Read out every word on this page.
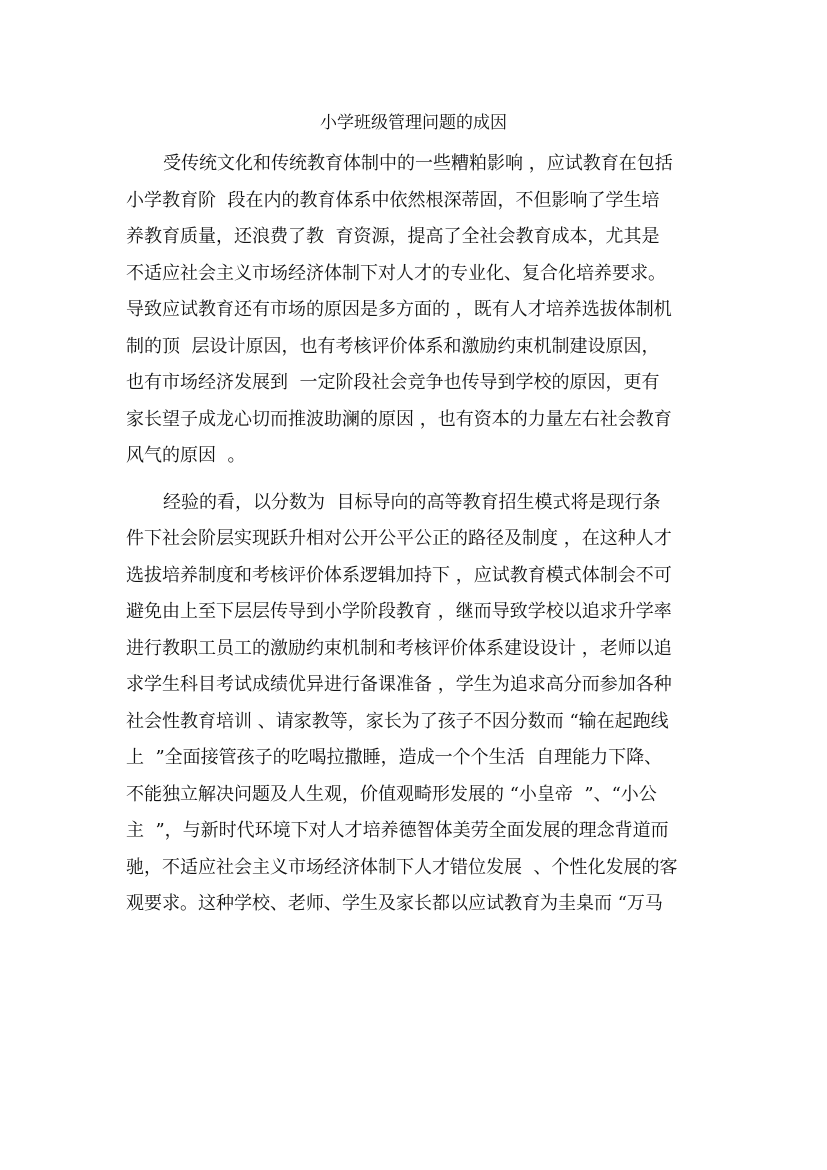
小学班级管理问题的成因
受传统文化和传统教育体制中的一些糟粕影响 ，应试教育在包括
小学教育阶  段在内的教育体系中依然根深蒂固，不但影响了学生培
养教育质量，还浪费了教  育资源，提高了全社会教育成本，尤其是
不适应社会主义市场经济体制下对人才的专业化、复合化培养要求。
导致应试教育还有市场的原因是多方面的 ，既有人才培养选拔体制机
制的顶  层设计原因，也有考核评价体系和激励约束机制建设原因，
也有市场经济发展到  一定阶段社会竞争也传导到学校的原因，更有
家长望子成龙心切而推波助澜的原因 ，也有资本的力量左右社会教育
风气的原因  。
经验的看，以分数为  目标导向的高等教育招生模式将是现行条
件下社会阶层实现跃升相对公开公平公正的路径及制度 ，在这种人才
选拔培养制度和考核评价体系逻辑加持下 ，应试教育模式体制会不可
避免由上至下层层传导到小学阶段教育 ，继而导致学校以追求升学率
进行教职工员工的激励约束机制和考核评价体系建设设计 ，老师以追
求学生科目考试成绩优异进行备课准备 ，学生为追求高分而参加各种
社会性教育培训 、请家教等，家长为了孩子不因分数而 “输在起跑线
上  ”全面接管孩子的吃喝拉撒睡，造成一个个生活  自理能力下降、
不能独立解决问题及人生观，价值观畸形发展的 “小皇帝  ”、“小公
主  ”，与新时代环境下对人才培养德智体美劳全面发展的理念背道而
驰，不适应社会主义市场经济体制下人才错位发展  、个性化发展的客
观要求。这种学校、老师、学生及家长都以应试教育为圭臬而 “万马
